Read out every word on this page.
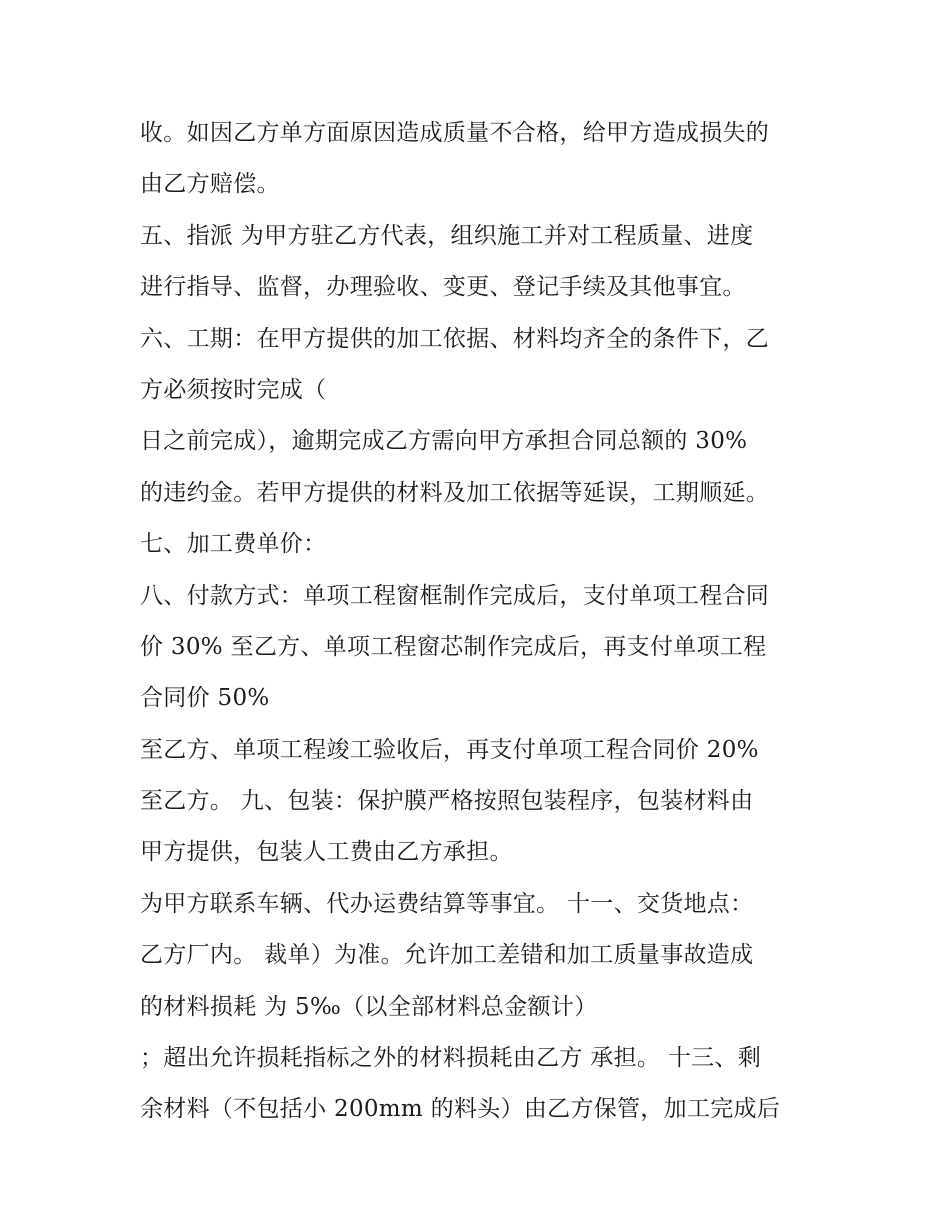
收。如因乙方单方面原因造成质量不合格，给甲方造成损失的
由乙方赔偿。
五、指派 为甲方驻乙方代表，组织施工并对工程质量、进度
进行指导、监督，办理验收、变更、登记手续及其他事宜。
六、工期：在甲方提供的加工依据、材料均齐全的条件下，乙
方必须按时完成（
日之前完成），逾期完成乙方需向甲方承担合同总额的 30%
的违约金。若甲方提供的材料及加工依据等延误，工期顺延。
七、加工费单价：
八、付款方式：单项工程窗框制作完成后，支付单项工程合同
价 30% 至乙方、单项工程窗芯制作完成后，再支付单项工程
合同价 50%
至乙方、单项工程竣工验收后，再支付单项工程合同价 20%
至乙方。 九、包装：保护膜严格按照包装程序，包装材料由
甲方提供，包装人工费由乙方承担。
为甲方联系车辆、代办运费结算等事宜。 十一、交货地点：
乙方厂内。 裁单）为准。允许加工差错和加工质量事故造成
的材料损耗 为 5‰（以全部材料总金额计）
；超出允许损耗指标之外的材料损耗由乙方 承担。 十三、剩
余材料（不包括小 200mm 的料头）由乙方保管，加工完成后
